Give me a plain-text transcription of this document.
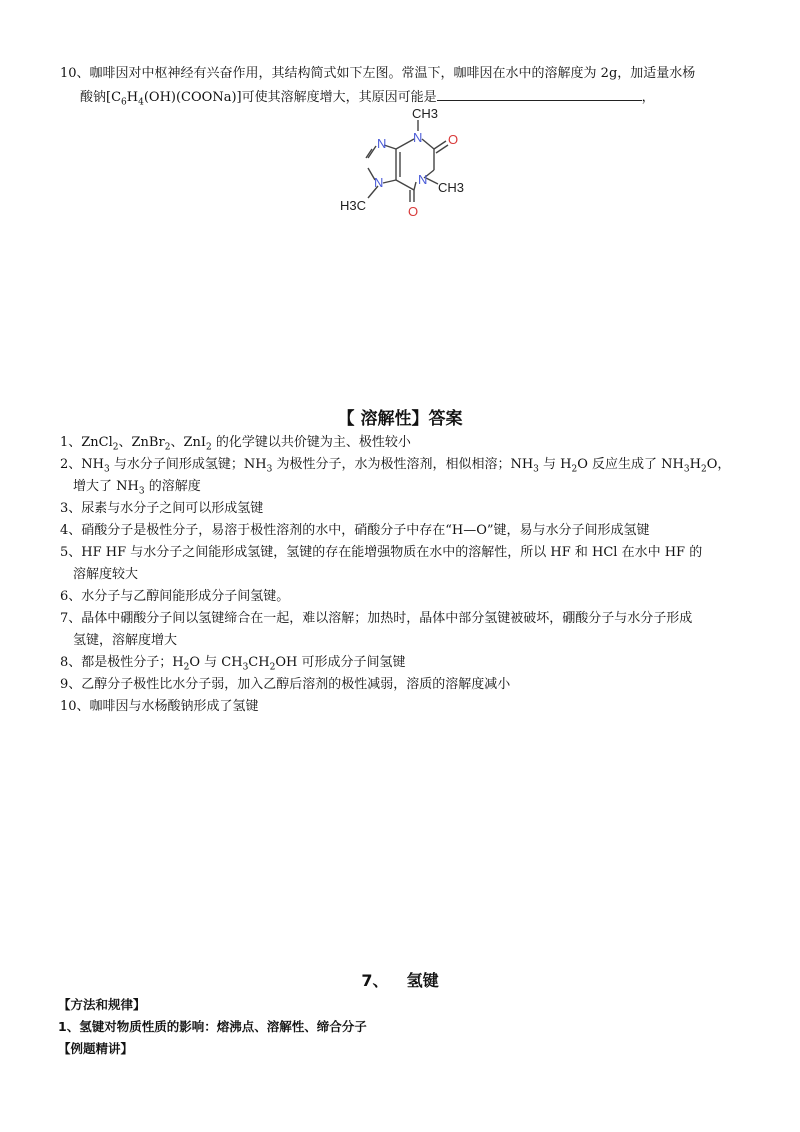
10、咖啡因对中枢神经有兴奋作用，其结构简式如下左图。常温下，咖啡因在水中的溶解度为 2g，加适量水杨
酸钠$[C_6H_4(OH)(COONa)]$可使其溶解度增大，其原因可能是	，
CH3
N O
N
CH3
O
N
N
H3C
【 溶解性】答案

1、ZnCl$_2$、ZnBr$_2$、ZnI$_2$ 的化学键以共价键为主、极性较小

2、$NH_3$ 与水分子间形成氢键；$NH_3$ 为极性分子，水为极性溶剂，相似相溶；$NH_3$ 与 $H_2O$ 反应生成了 $NH_3H_2O$，

增大了 $NH_3$ 的溶解度

3、尿素与水分子之间可以形成氢键

4、硝酸分子是极性分子，易溶于极性溶剂的水中，硝酸分子中存在“H—O”键，易与水分子间形成氢键

5、HF HF 与水分子之间能形成氢键，氢键的存在能增强物质在水中的溶解性，所以 HF 和 HCl 在水中 HF 的

溶解度较大

6、水分子与乙醇间能形成分子间氢键。

7、晶体中硼酸分子间以氢键缔合在一起，难以溶解；加热时，晶体中部分氢键被破坏，硼酸分子与水分子形成

氢键，溶解度增大

8、都是极性分子；$H_2O$ 与 $CH_3CH_2OH$ 可形成分子间氢键

9、乙醇分子极性比水分子弱，加入乙醇后溶剂的极性减弱，溶质的溶解度减小

10、咖啡因与水杨酸钠形成了氢键

7、 氢键
【方法和规律】
1、氢键对物质性质的影响：熔沸点、溶解性、缔合分子
【例题精讲】
